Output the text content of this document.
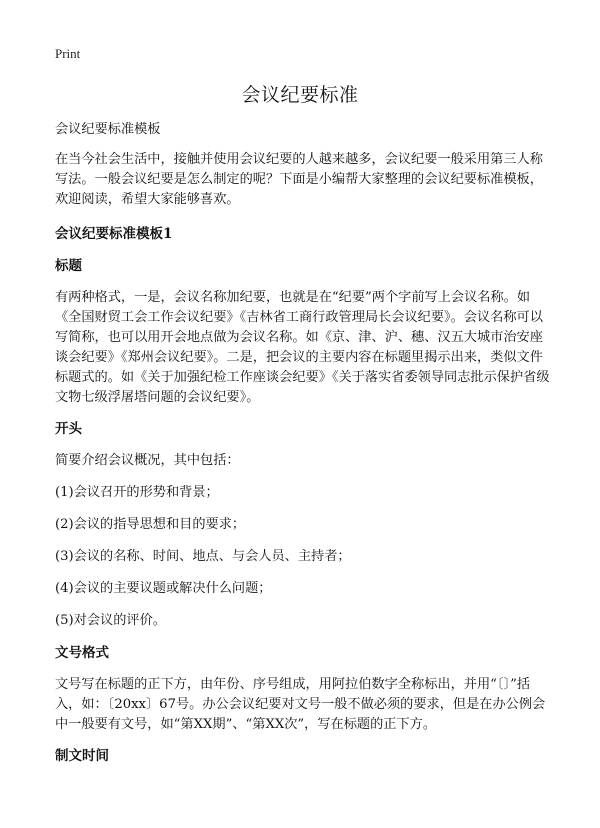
Print
会议纪要标准

会议纪要标准模板

在当今社会生活中，接触并使用会议纪要的人越来越多，会议纪要一般采用第三人称写法。一般会议纪要是怎么制定的呢？下面是小编帮大家整理的会议纪要标准模板，欢迎阅读，希望大家能够喜欢。

会议纪要标准模板1
标题

有两种格式，一是，会议名称加纪要，也就是在“纪要”两个字前写上会议名称。如《全国财贸工会工作会议纪要》《吉林省工商行政管理局长会议纪要》。会议名称可以写简称，也可以用开会地点做为会议名称。如《京、津、沪、穗、汉五大城市治安座谈会纪要》《郑州会议纪要》。二是，把会议的主要内容在标题里揭示出来，类似文件标题式的。如《关于加强纪检工作座谈会纪要》《关于落实省委领导同志批示保护省级文物七级浮屠塔问题的会议纪要》。

开头

简要介绍会议概况，其中包括：

(1)会议召开的形势和背景；

(2)会议的指导思想和目的要求；

(3)会议的名称、时间、地点、与会人员、主持者；

(4)会议的主要议题或解决什么问题；

(5)对会议的评价。

文号格式

文号写在标题的正下方，由年份、序号组成，用阿拉伯数字全称标出，并用“〔〕”括入，如：〔20xx〕67号。办公会议纪要对文号一般不做必须的要求，但是在办公例会中一般要有文号，如“第XX期”、“第XX次”，写在标题的正下方。

制文时间
